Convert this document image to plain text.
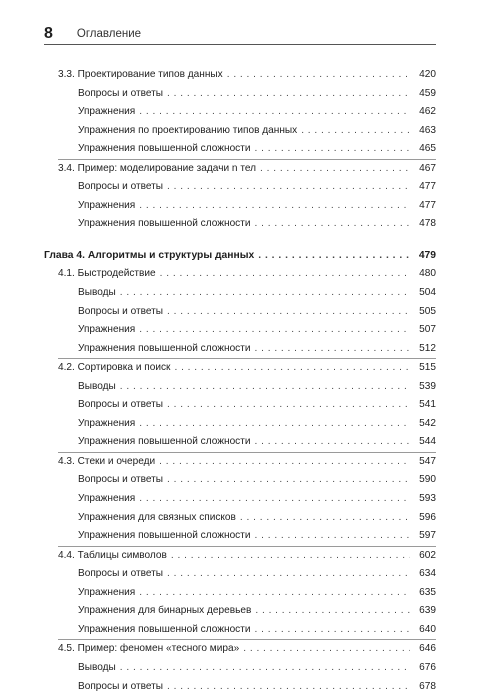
8 Оглавление
3.3. Проектирование типов данных . . .	420
Вопросы и ответы . . .	459
Упражнения . . .	462
Упражнения по проектированию типов данных . . .	463
Упражнения повышенной сложности . . .	465
3.4. Пример: моделирование задачи n тел . . .	467
Вопросы и ответы . . .	477
Упражнения . . .	477
Упражнения повышенной сложности . . .	478
Глава 4. Алгоритмы и структуры данных . . .	479
4.1. Быстродействие . . .	480
Выводы . . .	504
Вопросы и ответы . . .	505
Упражнения . . .	507
Упражнения повышенной сложности . . .	512
4.2. Сортировка и поиск . . .	515
Выводы . . .	539
Вопросы и ответы . . .	541
Упражнения . . .	542
Упражнения повышенной сложности . . .	544
4.3. Стеки и очереди . . .	547
Вопросы и ответы . . .	590
Упражнения . . .	593
Упражнения для связных списков . . .	596
Упражнения повышенной сложности . . .	597
4.4. Таблицы символов . . .	602
Вопросы и ответы . . .	634
Упражнения . . .	635
Упражнения для бинарных деревьев . . .	639
Упражнения повышенной сложности . . .	640
4.5. Пример: феномен «тесного мира» . . .	646
Выводы . . .	676
Вопросы и ответы . . .	678
